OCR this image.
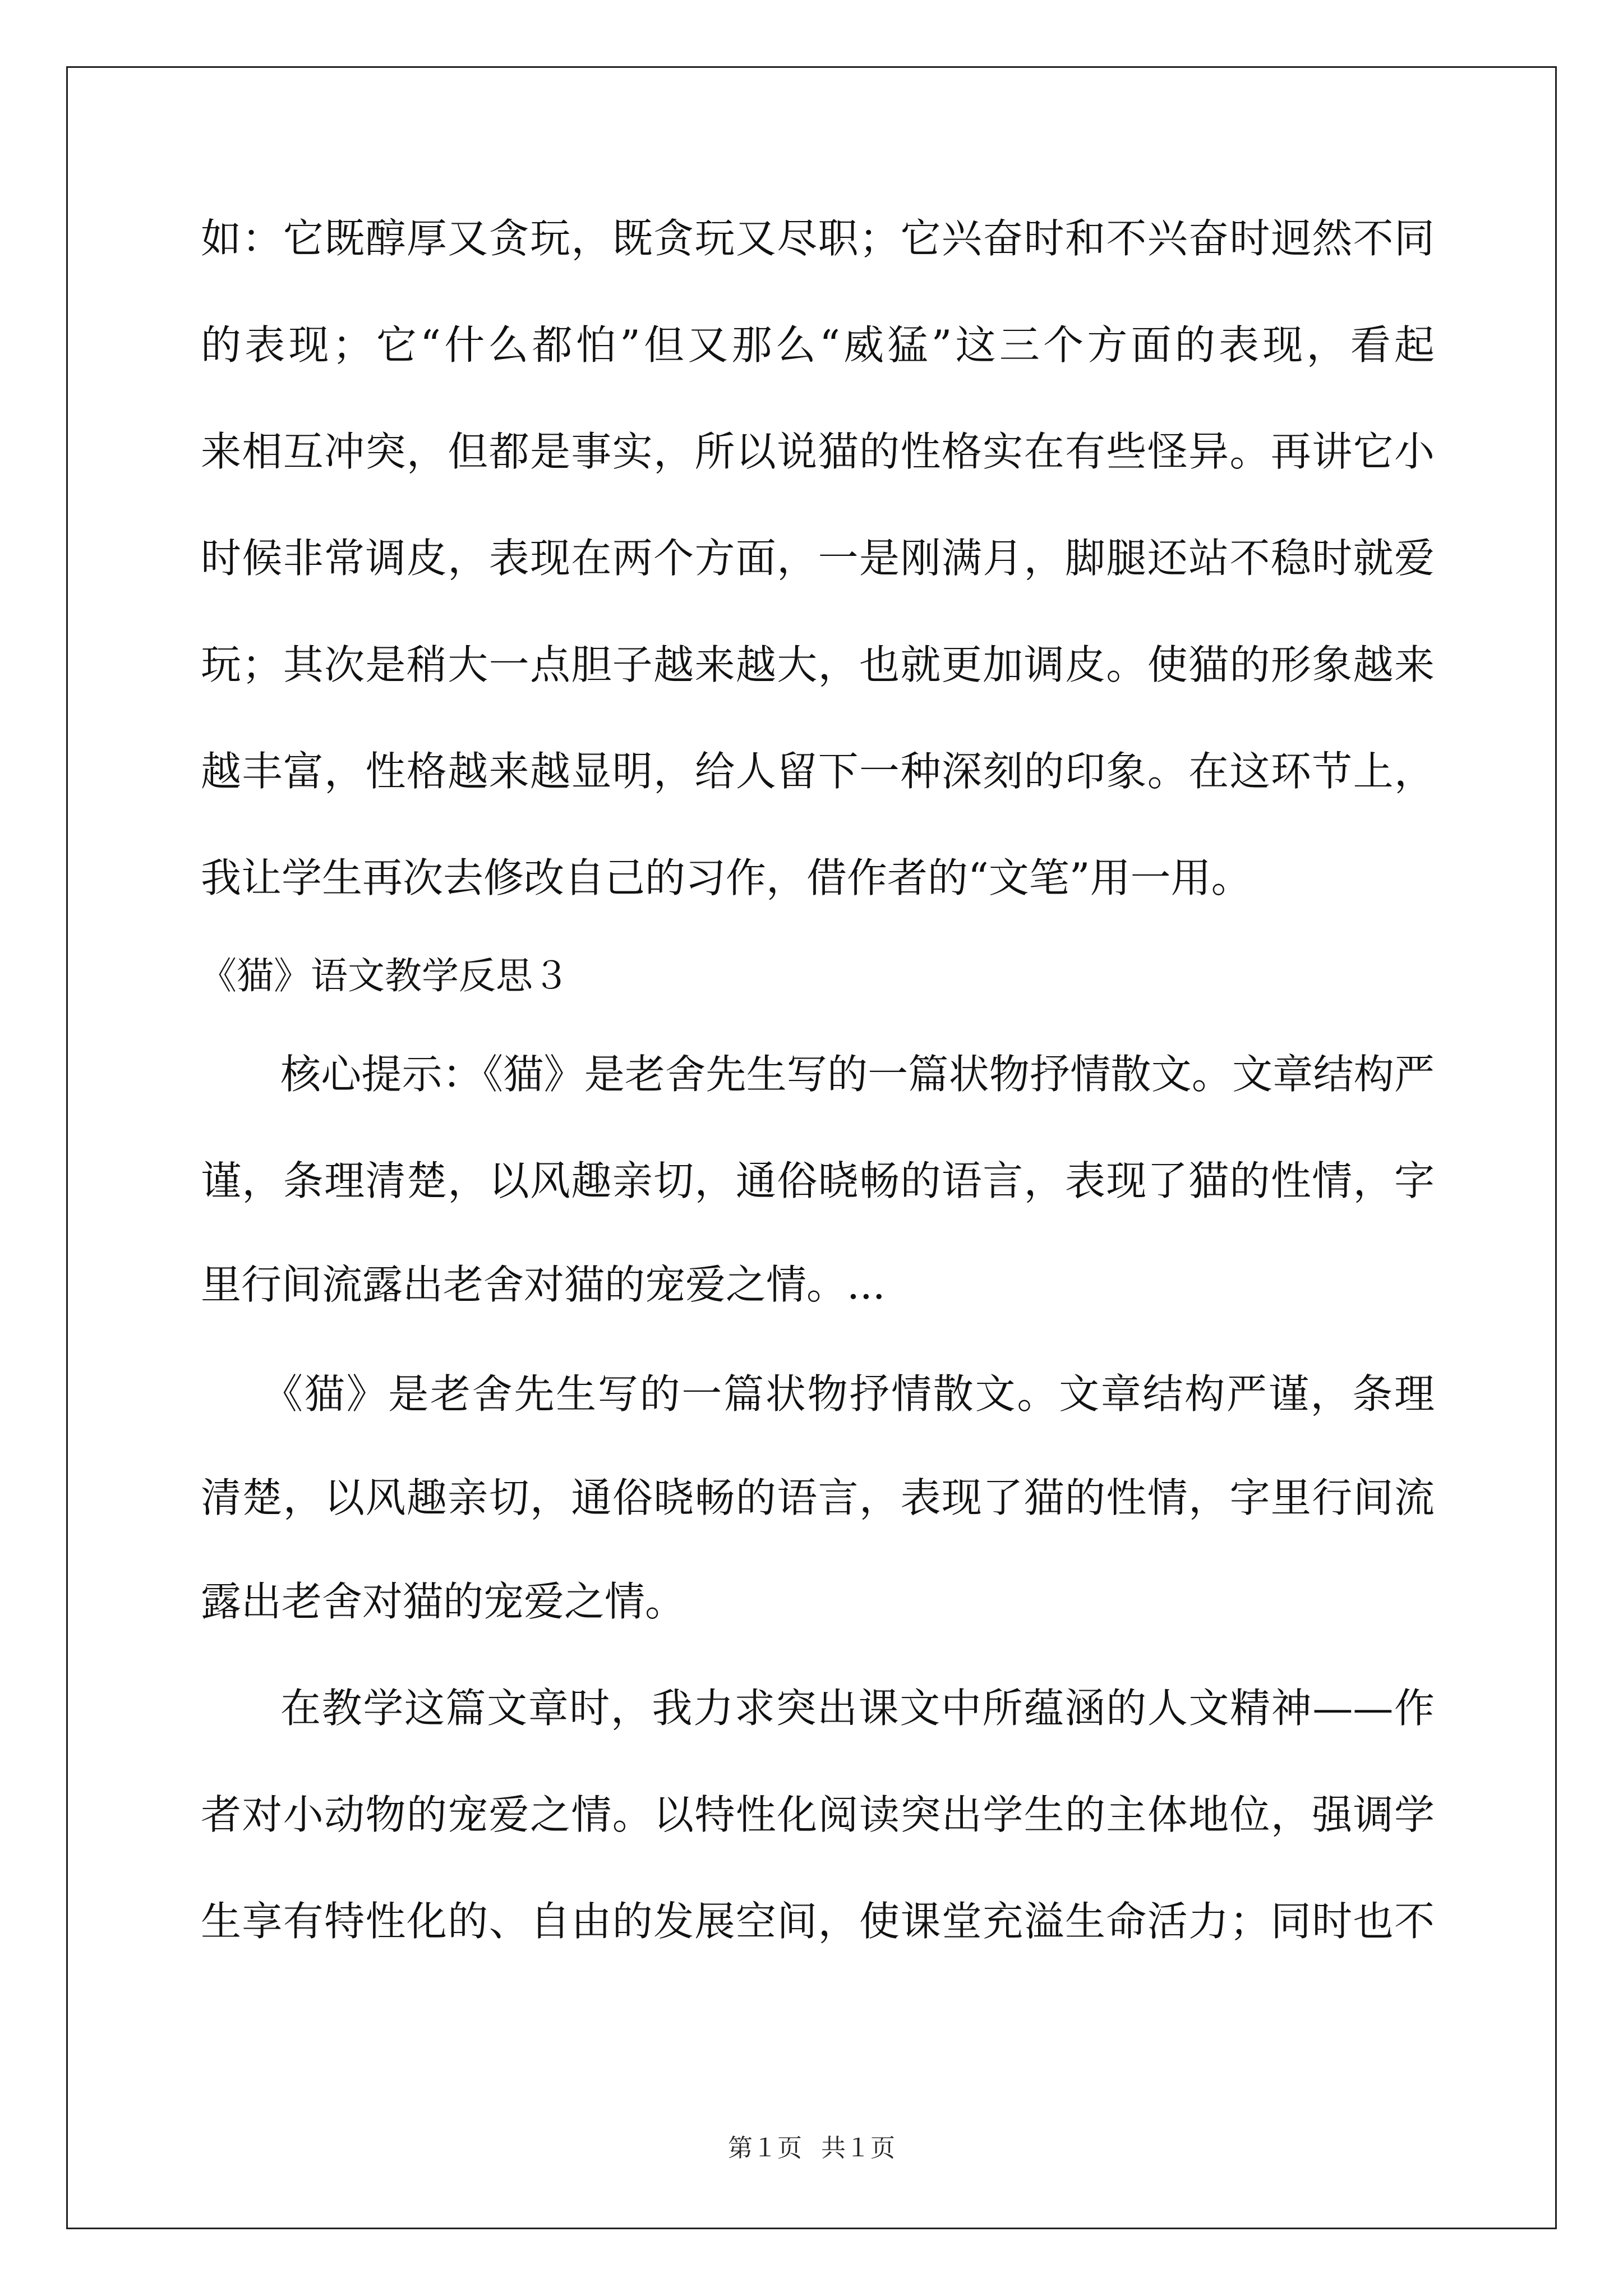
如：它既醇厚又贪玩，既贪玩又尽职；它兴奋时和不兴奋时迥然不同
的表现；它“什么都怕”但又那么“威猛”这三个方面的表现，看起
来相互冲突，但都是事实，所以说猫的性格实在有些怪异。再讲它小
时候非常调皮，表现在两个方面，一是刚满月，脚腿还站不稳时就爱
玩；其次是稍大一点胆子越来越大，也就更加调皮。使猫的形象越来
越丰富，性格越来越显明，给人留下一种深刻的印象。在这环节上，
我让学生再次去修改自己的习作，借作者的“文笔”用一用。
《猫》语文教学反思３
核心提示：《猫》是老舍先生写的一篇状物抒情散文。文章结构严
谨，条理清楚，以风趣亲切，通俗晓畅的语言，表现了猫的性情，字
里行间流露出老舍对猫的宠爱之情。...
《猫》是老舍先生写的一篇状物抒情散文。文章结构严谨，条理
清楚，以风趣亲切，通俗晓畅的语言，表现了猫的性情，字里行间流
露出老舍对猫的宠爱之情。
在教学这篇文章时，我力求突出课文中所蕴涵的人文精神——作
者对小动物的宠爱之情。以特性化阅读突出学生的主体地位，强调学
生享有特性化的、自由的发展空间，使课堂充溢生命活力；同时也不
第１页 共１页
